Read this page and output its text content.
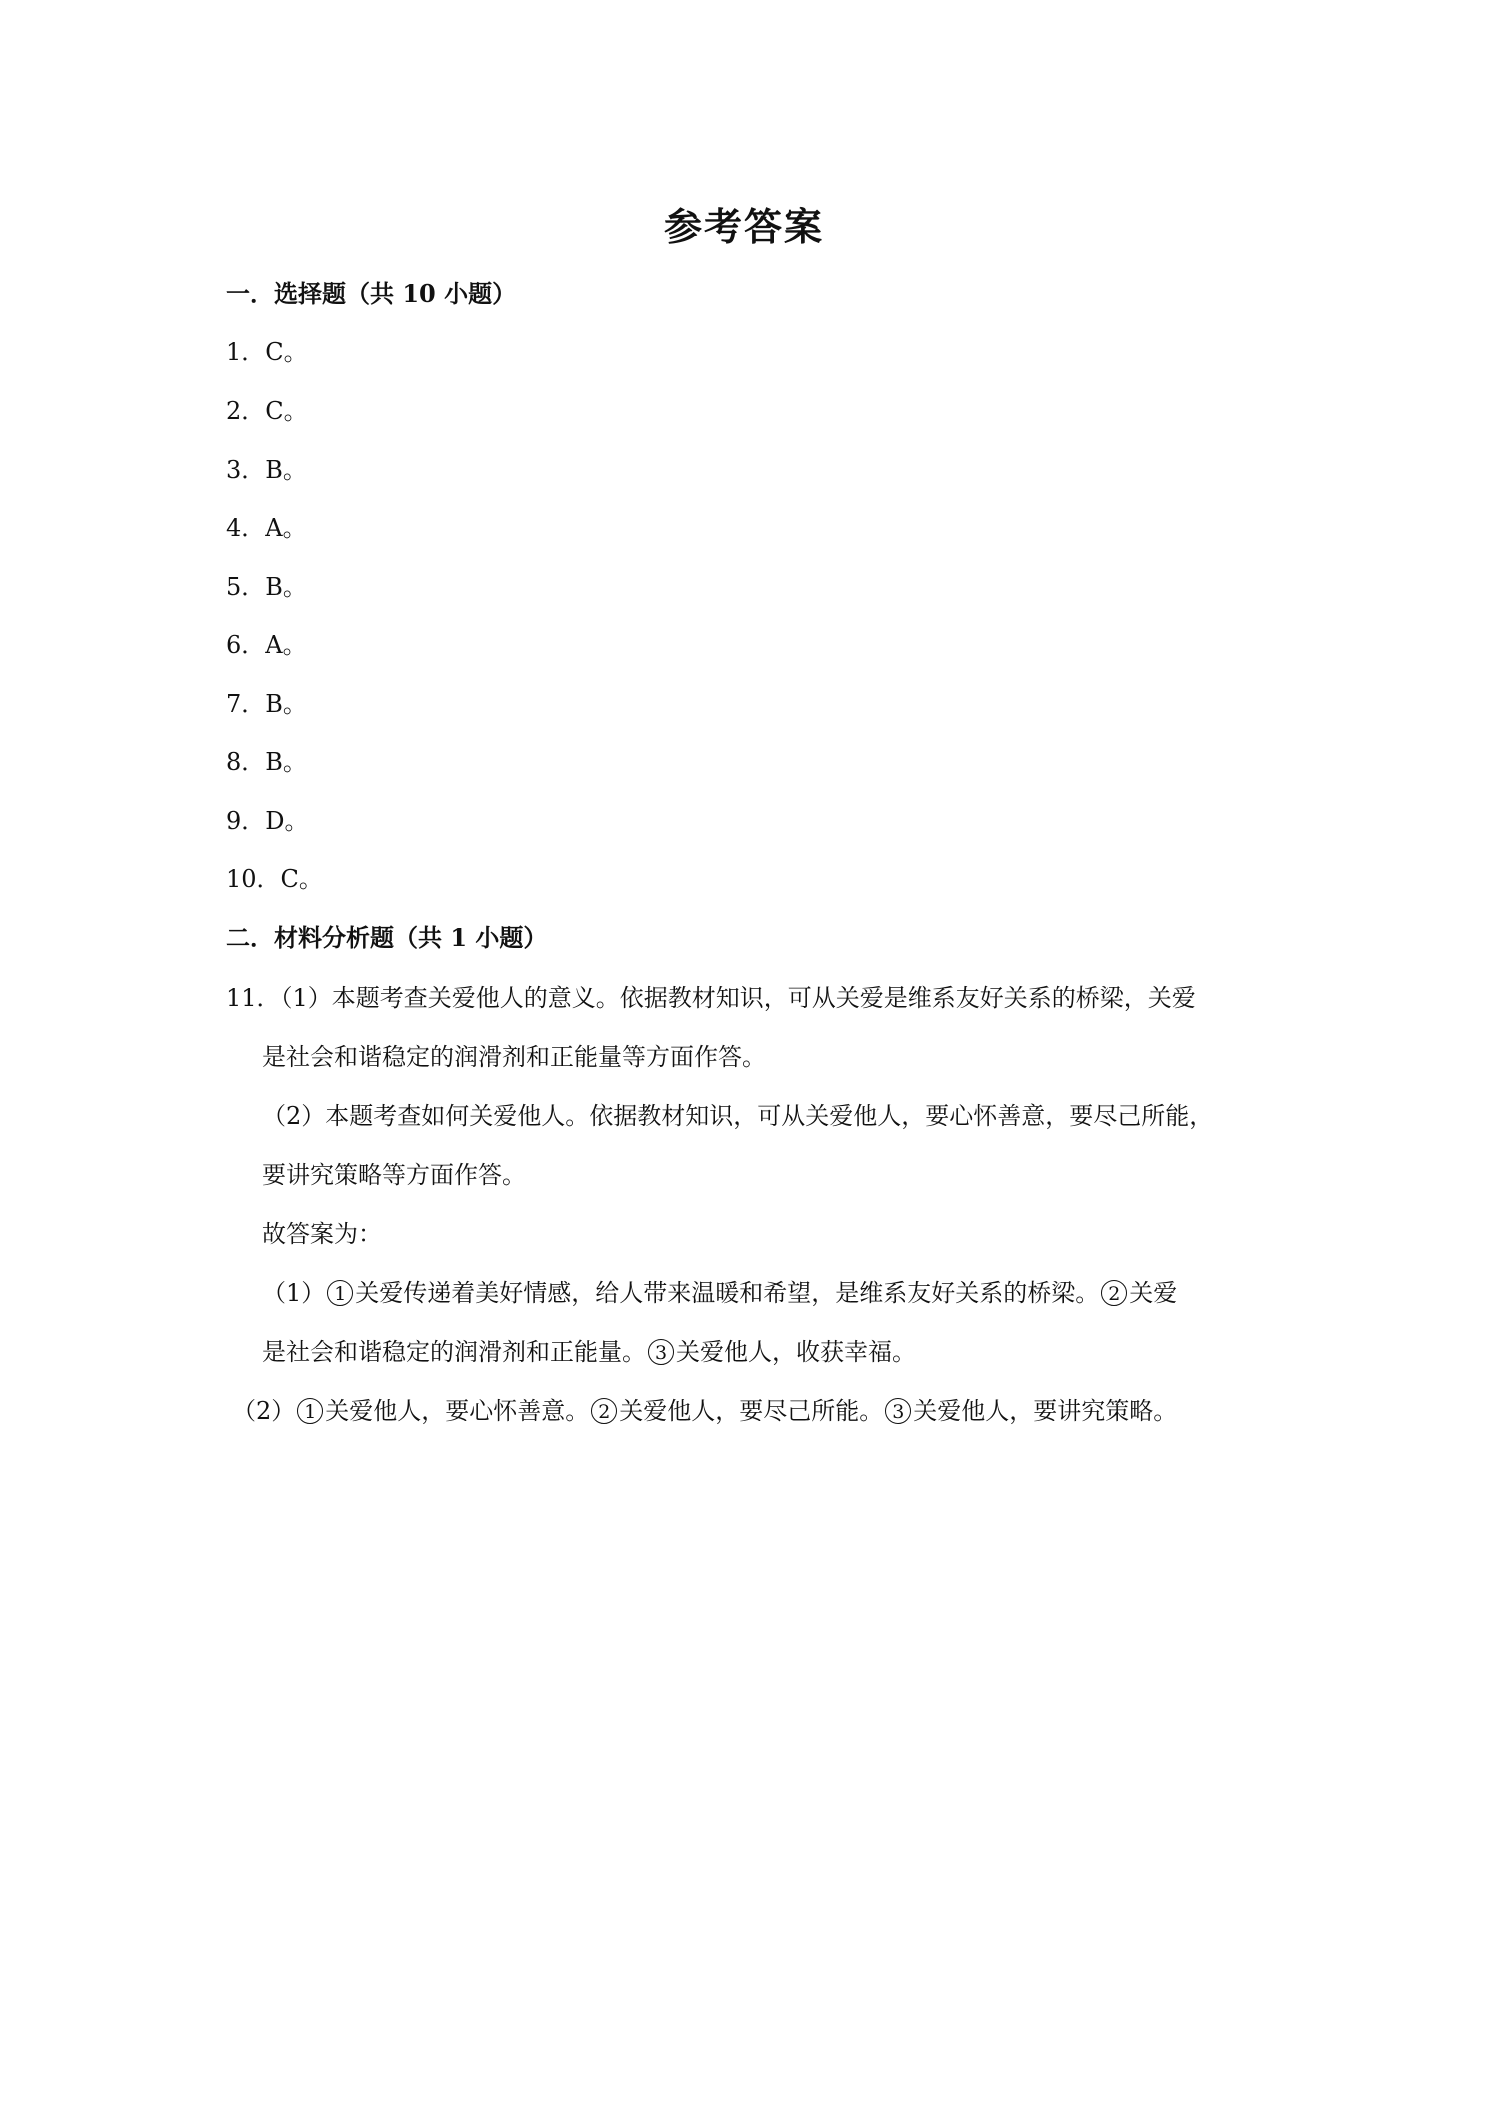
参考答案
一．选择题（共 10 小题）
1．C。
2．C。
3．B。
4．A。
5．B。
6．A。
7．B。
8．B。
9．D。
10．C。
二．材料分析题（共 1 小题）
11．（1）本题考查关爱他人的意义。依据教材知识，可从关爱是维系友好关系的桥梁，关爱
是社会和谐稳定的润滑剂和正能量等方面作答。
（2）本题考查如何关爱他人。依据教材知识，可从关爱他人，要心怀善意，要尽己所能，
要讲究策略等方面作答。
故答案为：
（1） 1 关爱传递着美好情感，给人带来温暖和希望，是维系友好关系的桥梁。 2 关爱
是社会和谐稳定的润滑剂和正能量。 3 关爱他人，收获幸福。
（2） 1 关爱他人，要心怀善意。 2 关爱他人，要尽己所能。 3 关爱他人，要讲究策略。
